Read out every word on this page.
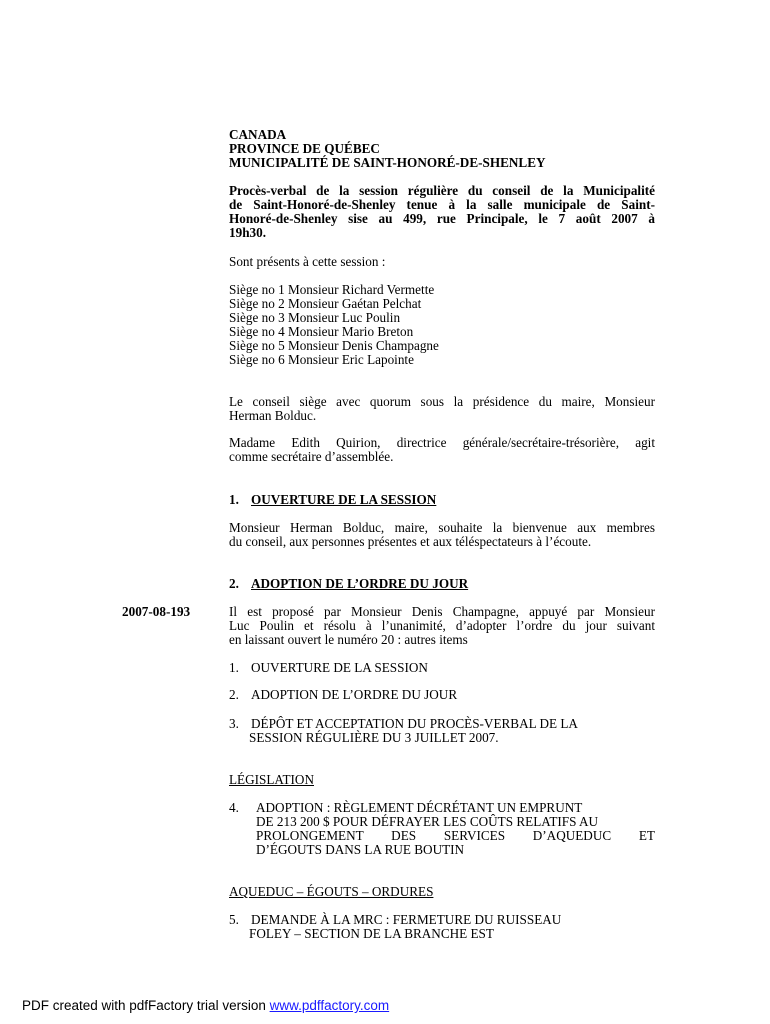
CANADA
PROVINCE DE QUÉBEC
MUNICIPALITÉ DE SAINT-HONORÉ-DE-SHENLEY
Procès-verbal de la session régulière du conseil de la Municipalité
de Saint-Honoré-de-Shenley tenue à la salle municipale de Saint-
Honoré-de-Shenley sise au 499, rue Principale, le 7 août 2007 à
19h30.
Sont présents à cette session :
Siège no 1 Monsieur Richard Vermette
Siège no 2 Monsieur Gaétan Pelchat
Siège no 3 Monsieur Luc Poulin
Siège no 4 Monsieur Mario Breton
Siège no 5 Monsieur Denis Champagne
Siège no 6 Monsieur Eric Lapointe
Le conseil siège avec quorum sous la présidence du maire, Monsieur
Herman Bolduc.
Madame Edith Quirion, directrice générale/secrétaire-trésorière, agit
comme secrétaire d’assemblée.
1. OUVERTURE DE LA SESSION
Monsieur Herman Bolduc, maire, souhaite la bienvenue aux membres
du conseil, aux personnes présentes et aux téléspectateurs à l’écoute.
2. ADOPTION DE L’ORDRE DU JOUR
2007-08-193	Il est proposé par Monsieur Denis Champagne, appuyé par Monsieur
Luc Poulin et résolu à l’unanimité, d’adopter l’ordre du jour suivant
en laissant ouvert le numéro 20 : autres items
1. OUVERTURE DE LA SESSION
2. ADOPTION DE L’ORDRE DU JOUR
3. DÉPÔT ET ACCEPTATION DU PROCÈS-VERBAL DE LA
SESSION RÉGULIÈRE DU 3 JUILLET 2007.
LÉGISLATION
4. ADOPTION : RÈGLEMENT DÉCRÉTANT UN EMPRUNT
DE 213 200 $ POUR DÉFRAYER LES COÛTS RELATIFS AU
PROLONGEMENT DES SERVICES D’AQUEDUC ET
D’ÉGOUTS DANS LA RUE BOUTIN
AQUEDUC – ÉGOUTS – ORDURES
5. DEMANDE À LA MRC : FERMETURE DU RUISSEAU
FOLEY – SECTION DE LA BRANCHE EST
PDF created with pdfFactory trial version www.pdffactory.com
